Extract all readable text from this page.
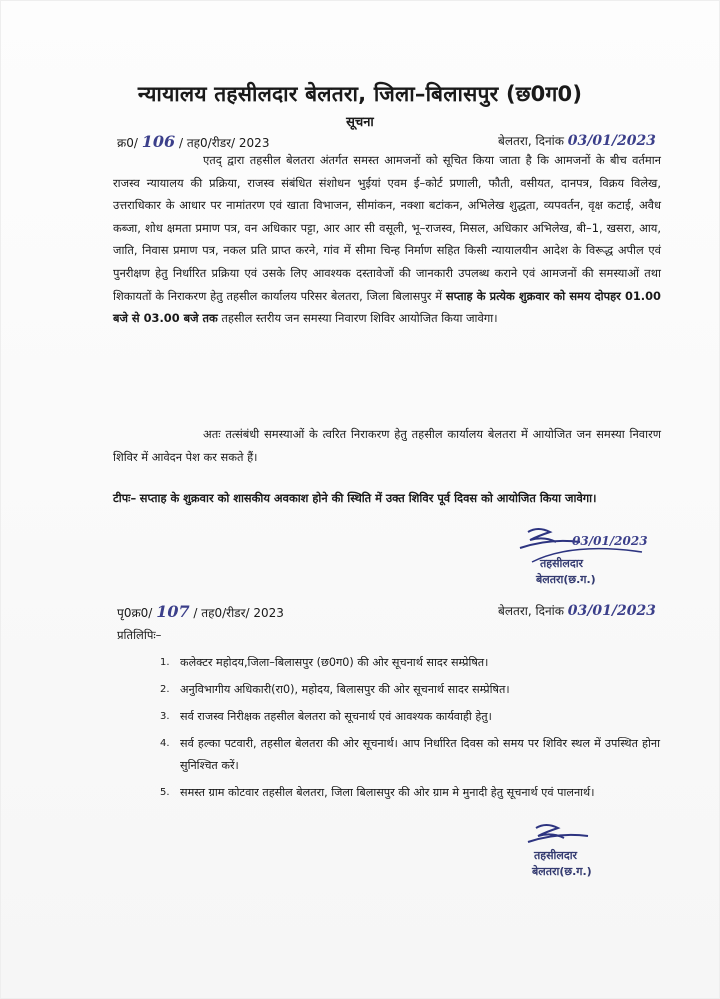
न्यायालय तहसीलदार बेलतरा, जिला–बिलासपुर (छ0ग0)
सूचना
क्र0/ 106 / तह0/रीडर/ 2023	बेलतरा, दिनांक 03/01/2023
एतद् द्वारा तहसील बेलतरा अंतर्गत समस्त आमजनों को सूचित किया जाता है कि आमजनों के बीच वर्तमान राजस्व न्यायालय की प्रक्रिया, राजस्व संबंधित संशोधन भुईयां एवम ई–कोर्ट प्रणाली, फौती, वसीयत, दानपत्र, विक्रय विलेख, उत्तराधिकार के आधार पर नामांतरण एवं खाता विभाजन, सीमांकन, नक्शा बटांकन, अभिलेख शुद्धता, व्यपवर्तन, वृक्ष कटाई, अवैध कब्जा, शोध क्षमता प्रमाण पत्र, वन अधिकार पट्टा, आर आर सी वसूली, भू–राजस्व, मिसल, अधिकार अभिलेख, बी–1, खसरा, आय, जाति, निवास प्रमाण पत्र, नकल प्रति प्राप्त करने, गांव में सीमा चिन्ह निर्माण सहित किसी न्यायालयीन आदेश के विरूद्ध अपील एवं पुनरीक्षण हेतु निर्धारित प्रक्रिया एवं उसके लिए आवश्यक दस्तावेजों की जानकारी उपलब्ध कराने एवं आमजनों की समस्याओं तथा शिकायतों के निराकरण हेतु तहसील कार्यालय परिसर बेलतरा, जिला बिलासपुर में सप्ताह के प्रत्येक शुक्रवार को समय दोपहर 01.00 बजे से 03.00 बजे तक तहसील स्तरीय जन समस्या निवारण शिविर आयोजित किया जावेगा।
अतः तत्संबंधी समस्याओं के त्वरित निराकरण हेतु तहसील कार्यालय बेलतरा में आयोजित जन समस्या निवारण शिविर में आवेदन पेश कर सकते हैं।
टीपः– सप्ताह के शुक्रवार को शासकीय अवकाश होने की स्थिति में उक्त शिविर पूर्व दिवस को आयोजित किया जावेगा।
03/01/2023
तहसीलदार
बेलतरा(छ.ग.)
पृ0क्र0/ 107 / तह0/रीडर/ 2023	बेलतरा, दिनांक 03/01/2023
प्रतिलिपिः–
1. कलेक्टर महोदय,जिला–बिलासपुर (छ0ग0) की ओर सूचनार्थ सादर सम्प्रेषित।
2. अनुविभागीय अधिकारी(रा0), महोदय, बिलासपुर की ओर सूचनार्थ सादर सम्प्रेषित।
3. सर्व राजस्व निरीक्षक तहसील बेलतरा को सूचनार्थ एवं आवश्यक कार्यवाही हेतु।
4. सर्व हल्का पटवारी, तहसील बेलतरा की ओर सूचनार्थ। आप निर्धारित दिवस को समय पर शिविर स्थल में उपस्थित होना सुनिश्चित करें।
5. समस्त ग्राम कोटवार तहसील बेलतरा, जिला बिलासपुर की ओर ग्राम मे मुनादी हेतु सूचनार्थ एवं पालनार्थ।
तहसीलदार
बेलतरा(छ.ग.)
